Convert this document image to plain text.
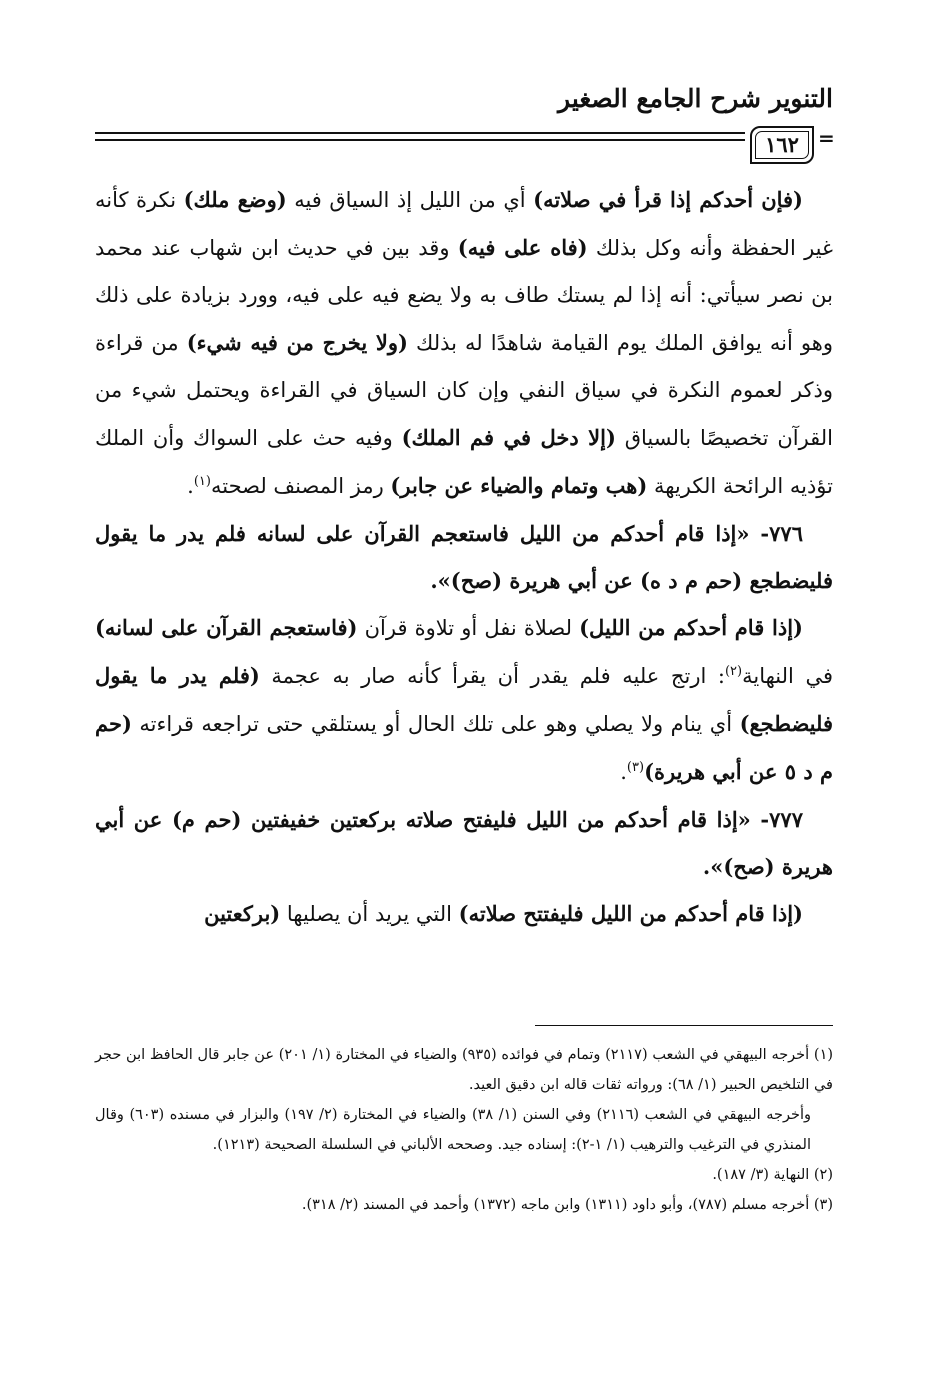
التنوير شرح الجامع الصغير
١٦٢ =

(فإن أحدكم إذا قرأ في صلاته) أي من الليل إذ السياق فيه (وضع ملك) نكرة كأنه غير الحفظة وأنه وكل بذلك (فاه على فيه) وقد بين في حديث ابن شهاب عند محمد بن نصر سيأتي: أنه إذا لم يستك طاف به ولا يضع فيه على فيه، وورد بزيادة على ذلك وهو أنه يوافق الملك يوم القيامة شاهدًا له بذلك (ولا يخرج من فيه شيء) من قراءة وذكر لعموم النكرة في سياق النفي وإن كان السياق في القراءة ويحتمل شيء من القرآن تخصيصًا بالسياق (إلا دخل في فم الملك) وفيه حث على السواك وأن الملك تؤذيه الرائحة الكريهة (هب وتمام والضياء عن جابر) رمز المصنف لصحته$^{(١)}$.

٧٧٦- «إذا قام أحدكم من الليل فاستعجم القرآن على لسانه فلم يدر ما يقول فليضطجع (حم م د ه) عن أبي هريرة (صح)».

(إذا قام أحدكم من الليل) لصلاة نفل أو تلاوة قرآن (فاستعجم القرآن على لسانه) في النهاية$^{(٢)}$: ارتج عليه فلم يقدر أن يقرأ كأنه صار به عجمة (فلم يدر ما يقول فليضطجع) أي ينام ولا يصلي وهو على تلك الحال أو يستلقي حتى تراجعه قراءته (حم م د ٥ عن أبي هريرة)$^{(٣)}$.

٧٧٧- «إذا قام أحدكم من الليل فليفتح صلاته بركعتين خفيفتين (حم م) عن أبي هريرة (صح)».

(إذا قام أحدكم من الليل فليفتتح صلاته) التي يريد أن يصليها (بركعتين

(١) أخرجه البيهقي في الشعب (٢١١٧) وتمام في فوائده (٩٣٥) والضياء في المختارة (١/ ٢٠١) عن جابر قال الحافظ ابن حجر في التلخيص الحبير (١/ ٦٨): ورواته ثقات قاله ابن دقيق العيد.

وأخرجه البيهقي في الشعب (٢١١٦) وفي السنن (١/ ٣٨) والضياء في المختارة (٢/ ١٩٧) والبزار في مسنده (٦٠٣) وقال المنذري في الترغيب والترهيب (١/ ١-٢): إسناده جيد. وصححه الألباني في السلسلة الصحيحة (١٢١٣).

(٢) النهاية (٣/ ١٨٧).

(٣) أخرجه مسلم (٧٨٧)، وأبو داود (١٣١١) وابن ماجه (١٣٧٢) وأحمد في المسند (٢/ ٣١٨).
